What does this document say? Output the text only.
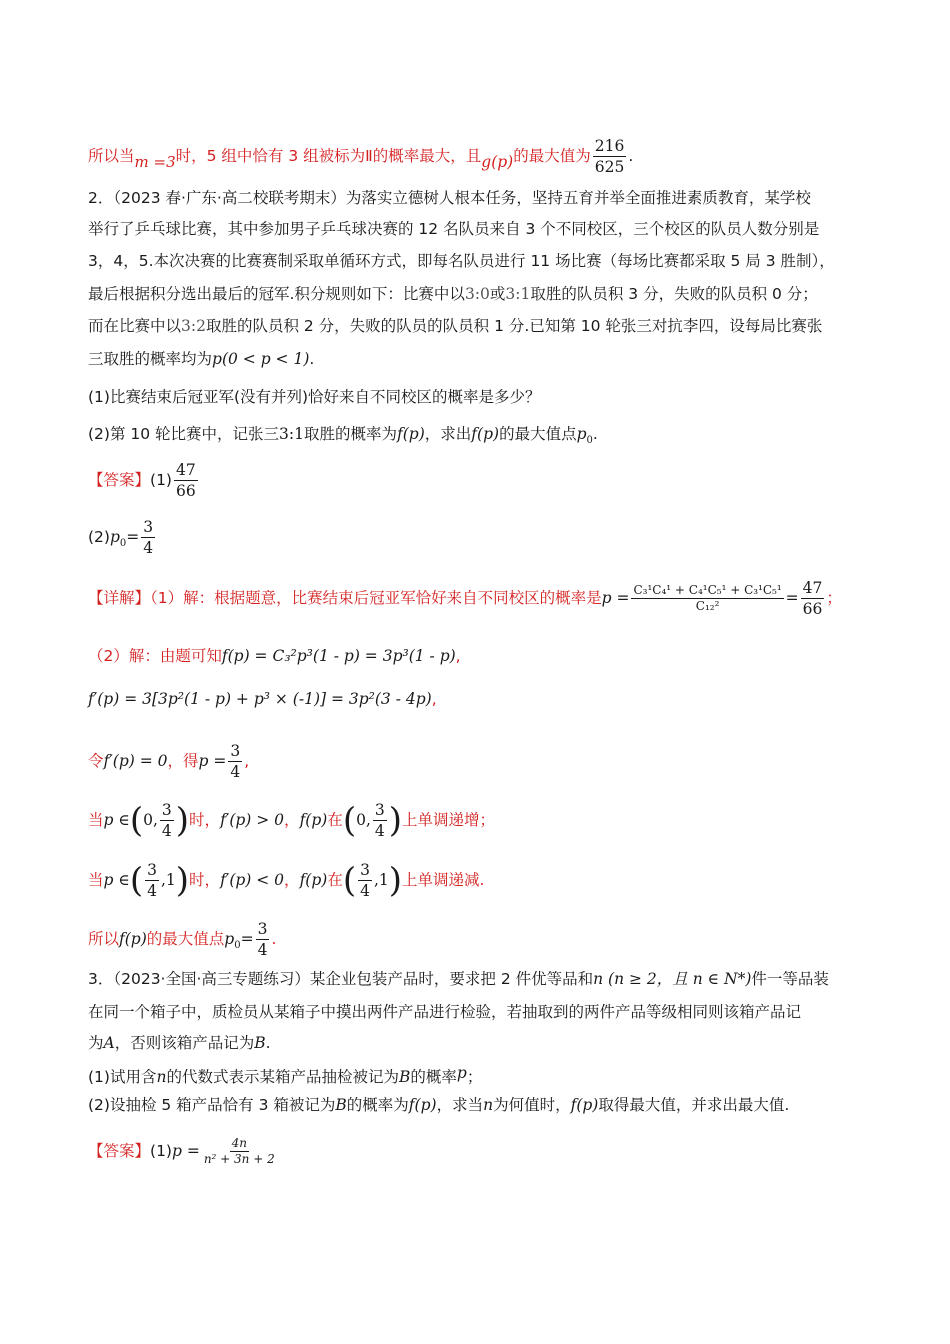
所以当m =3时，5 组中恰有 3 组被标为Ⅱ的概率最大，且g(p)的最大值为 $\frac{216}{625}$ .
2．（2023 春·广东·高二校联考期末）为落实立德树人根本任务，坚持五育并举全面推进素质教育，某学校
举行了乒乓球比赛，其中参加男子乒乓球决赛的 12 名队员来自 3 个不同校区，三个校区的队员人数分别是
3，4，5.本次决赛的比赛赛制采取单循环方式，即每名队员进行 11 场比赛（每场比赛都采取 5 局 3 胜制），
最后根据积分选出最后的冠军.积分规则如下：比赛中以3:0或3:1取胜的队员积 3 分，失败的队员积 0 分；
而在比赛中以3:2取胜的队员积 2 分，失败的队员的队员积 1 分.已知第 10 轮张三对抗李四，设每局比赛张
三取胜的概率均为p(0 < p < 1).
(1)比赛结束后冠亚军(没有并列)恰好来自不同校区的概率是多少？
(2)第 10 轮比赛中，记张三3:1取胜的概率为f(p)，求出f(p)的最大值点$p_0$.
【答案】$(1) \frac{47}{66}$
$(2)p_0= \frac{3}{4}$
【详解】（1）解：根据题意，比赛结束后冠亚军恰好来自不同校区的概率是$p = \frac{\text{C₃¹C₄¹ + C₄¹C₅¹ + C₃¹C₅¹}}{\text{C₁₂²}} = \frac{47}{66}$ ；
（2）解：由题可知f(p) = C₃²p³(1 - p) = 3p³(1 - p),
f′(p) = 3[3p²(1 - p) + p³ × (-1)] = 3p²(3 - 4p),
令f′(p) = 0，得$p = \frac{3}{4}$ ,
当p ∈(0, $\frac{3}{4}$ )时，f′(p) > 0，f(p)在(0, $\frac{3}{4}$ )上单调递增；
当p ∈( $\frac{3}{4} ,1$)时，f′(p) < 0，f(p)在( $\frac{3}{4} ,1$)上单调递减.
所以f(p)的最大值点$p_0= \frac{3}{4}$ .
3．（2023·全国·高三专题练习）某企业包装产品时，要求把 2 件优等品和n (n ≥ 2，且 n ∈ N*)件一等品装
在同一个箱子中，质检员从某箱子中摸出两件产品进行检验，若抽取到的两件产品等级相同则该箱产品记
为A，否则该箱产品记为B.
(1)试用含n的代数式表示某箱产品抽检被记为B的概率p；
(2)设抽检 5 箱产品恰有 3 箱被记为B的概率为f(p)，求当n为何值时，f(p)取得最大值，并求出最大值.
【答案】$(1)p = \frac{4n}{\text{n² + 3n + 2}}$
